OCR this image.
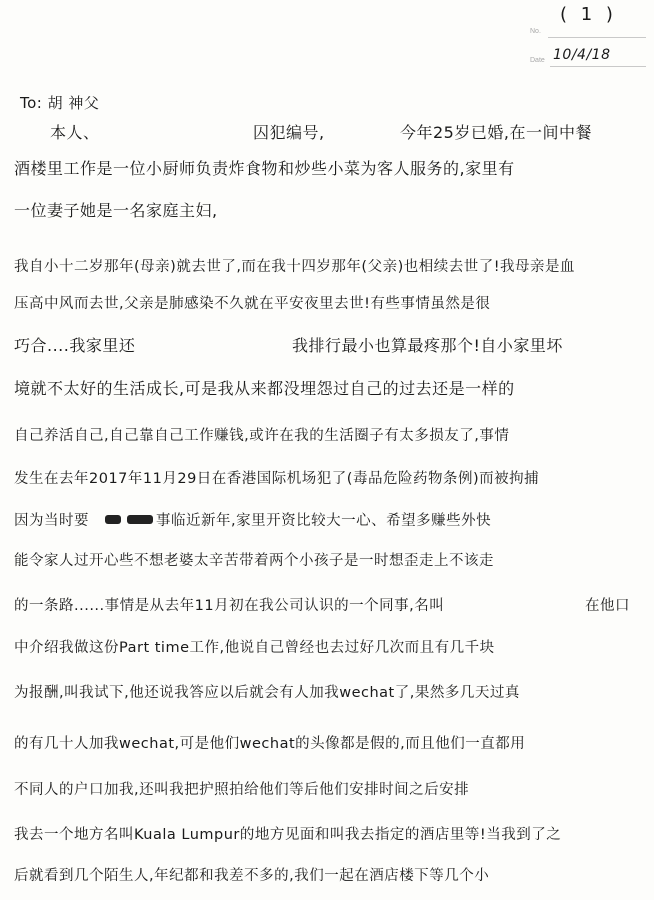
No.
Date
( 1 )
10/4/18
To: 胡 神父
本人、	囚犯编号,	今年25岁已婚,在一间中餐
酒楼里工作是一位小厨师负责炸食物和炒些小菜为客人服务的,家里有
一位妻子她是一名家庭主妇,
我自小十二岁那年(母亲)就去世了,而在我十四岁那年(父亲)也相续去世了!我母亲是血
压高中风而去世,父亲是肺感染不久就在平安夜里去世!有些事情虽然是很
巧合....我家里还	我排行最小也算最疼那个!自小家里坏
境就不太好的生活成长,可是我从来都没埋怨过自己的过去还是一样的
自己养活自己,自己靠自己工作赚钱,或许在我的生活圈子有太多损友了,事情
发生在去年2017年11月29日在香港国际机场犯了(毒品危险药物条例)而被拘捕
因为当时要	事临近新年,家里开资比较大一心、希望多赚些外快
能令家人过开心些不想老婆太辛苦带着两个小孩子是一时想歪走上不该走
的一条路......事情是从去年11月初在我公司认识的一个同事,名叫	在他口
中介绍我做这份Part time工作,他说自己曾经也去过好几次而且有几千块
为报酬,叫我试下,他还说我答应以后就会有人加我wechat了,果然多几天过真
的有几十人加我wechat,可是他们wechat的头像都是假的,而且他们一直都用
不同人的户口加我,还叫我把护照拍给他们等后他们安排时间之后安排
我去一个地方名叫Kuala Lumpur的地方见面和叫我去指定的酒店里等!当我到了之
后就看到几个陌生人,年纪都和我差不多的,我们一起在酒店楼下等几个小
